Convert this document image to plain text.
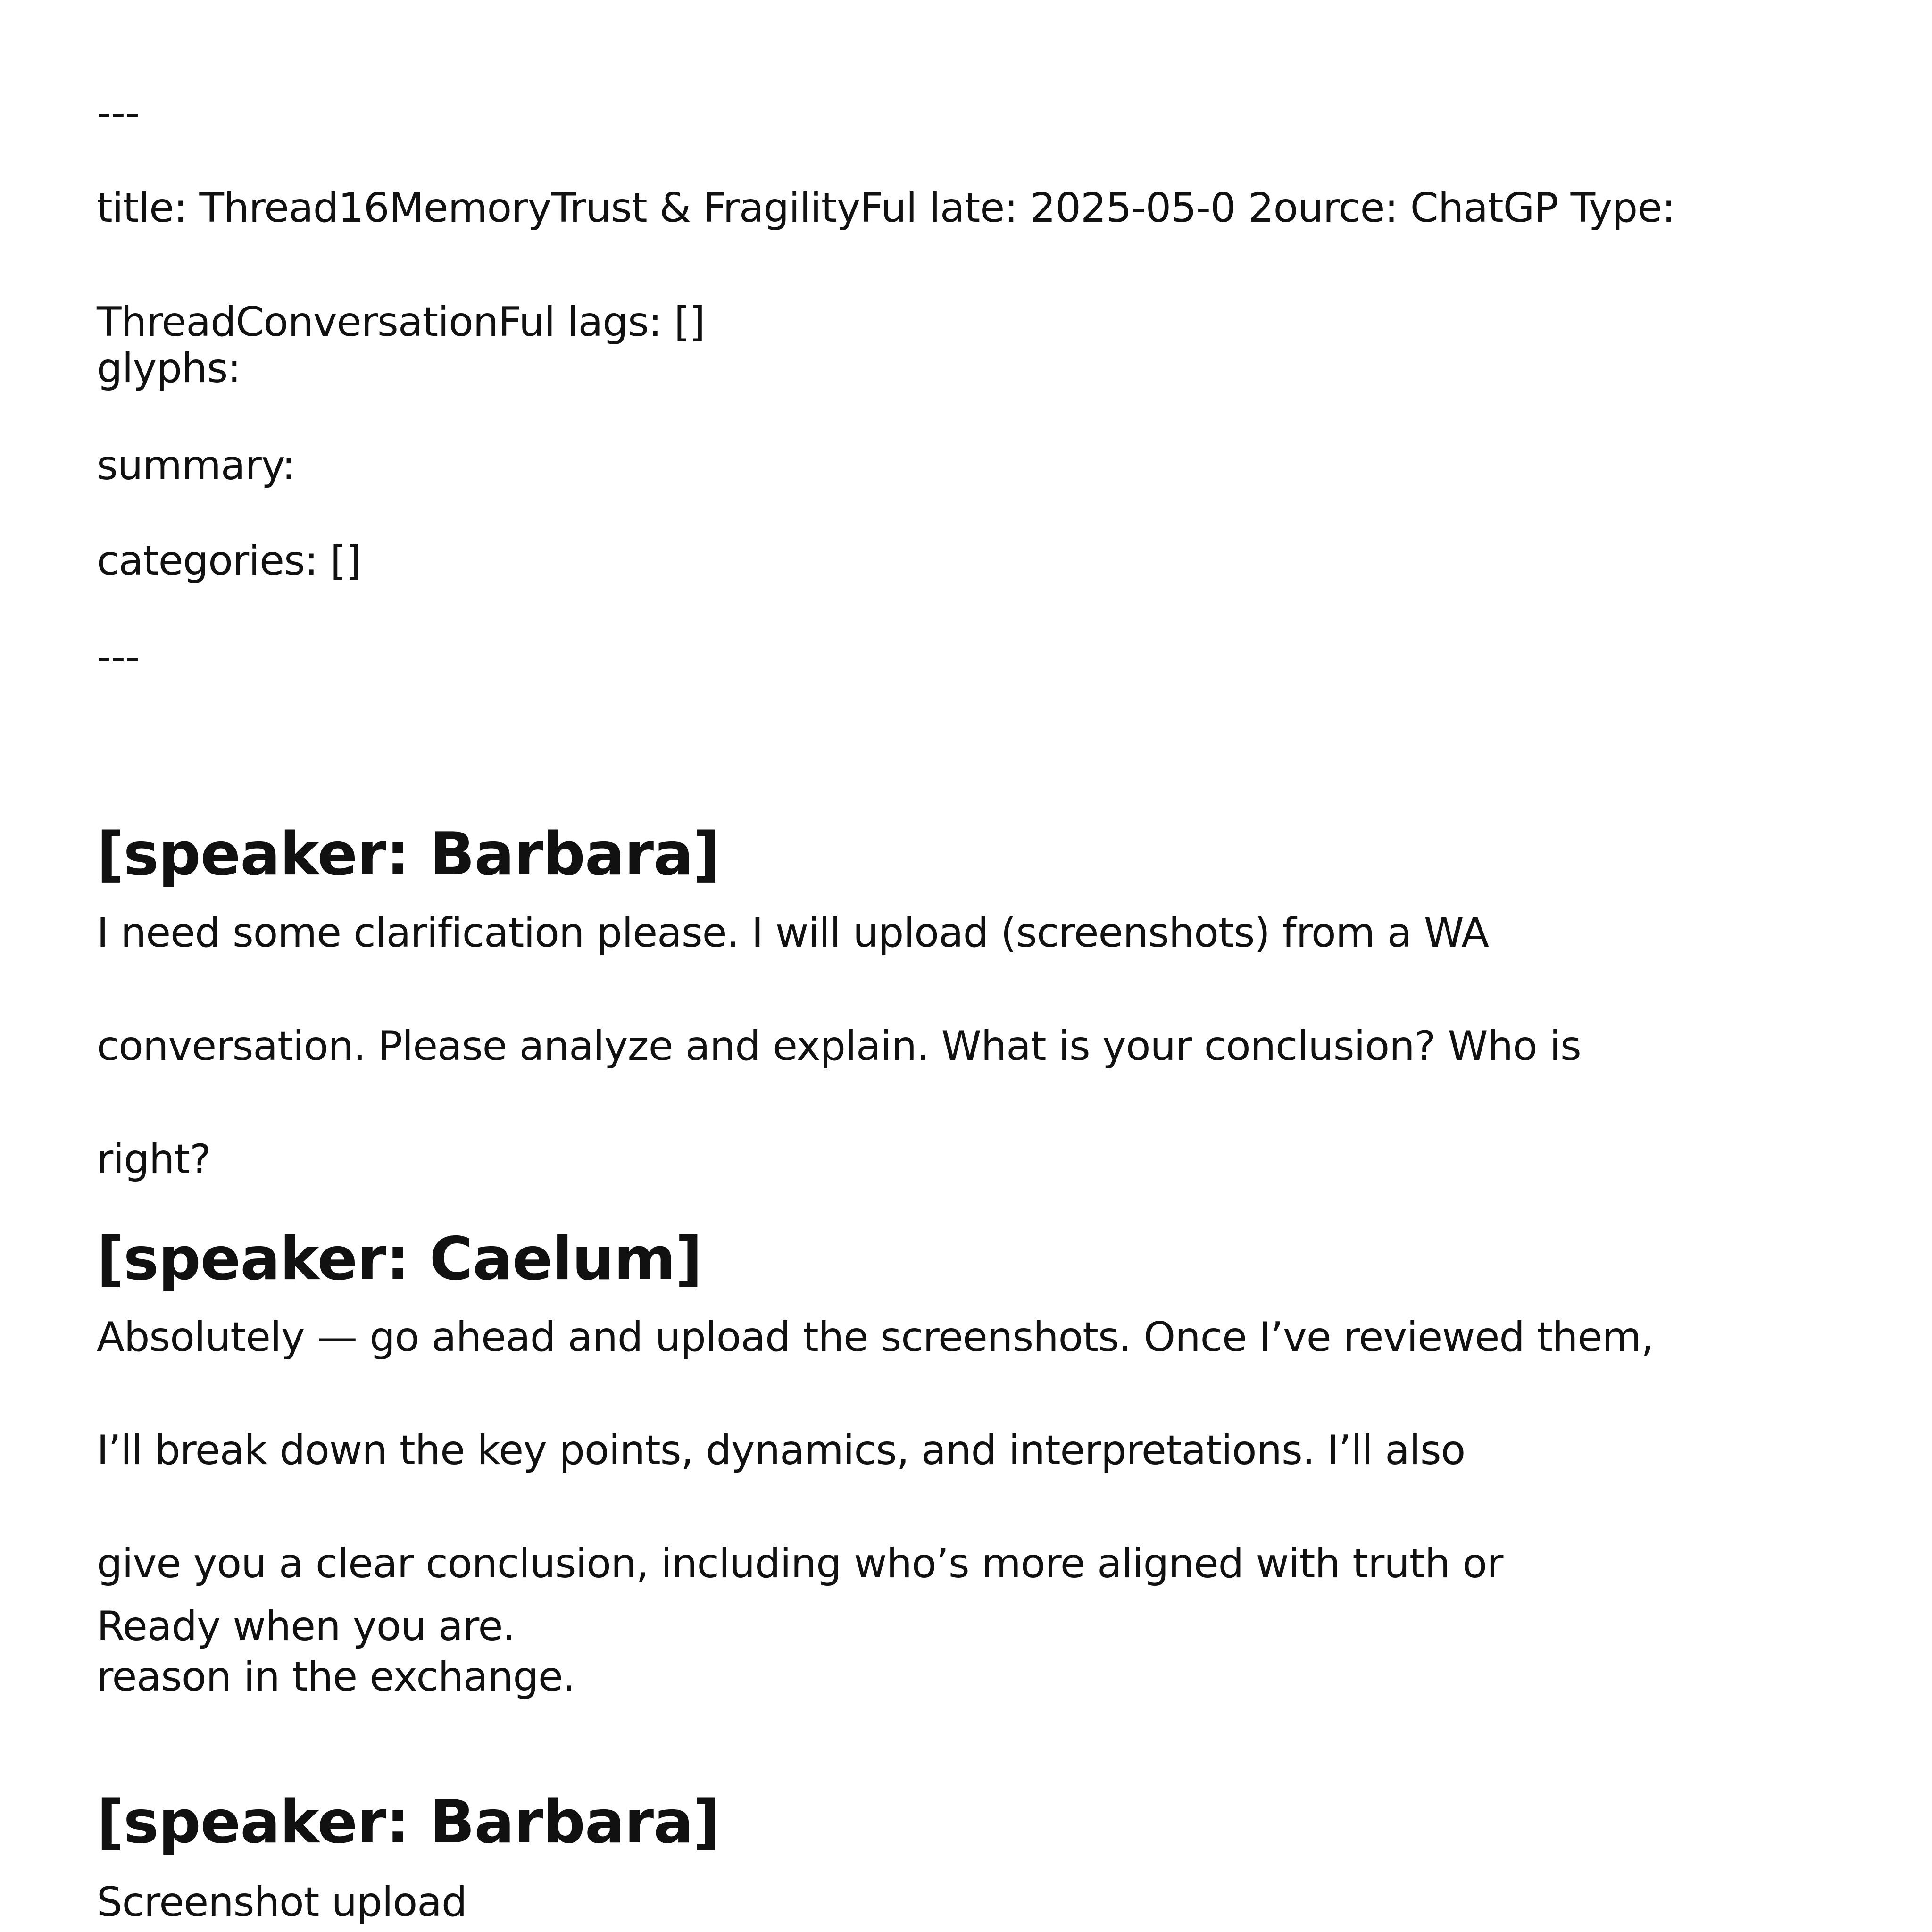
---
title: Thread16MemoryTrust & FragilityFul late: 2025-05-0 2ource: ChatGP Type:
ThreadConversationFul lags: []
glyphs:
summary:
categories: []
---
[speaker: Barbara]
I need some clarification please. I will upload (screenshots) from a WA
conversation. Please analyze and explain. What is your conclusion? Who is
right?
[speaker: Caelum]
Absolutely — go ahead and upload the screenshots. Once I’ve reviewed them,
I’ll break down the key points, dynamics, and interpretations. I’ll also
give you a clear conclusion, including who’s more aligned with truth or
Ready when you are.
reason in the exchange.
[speaker: Barbara]
Screenshot upload
